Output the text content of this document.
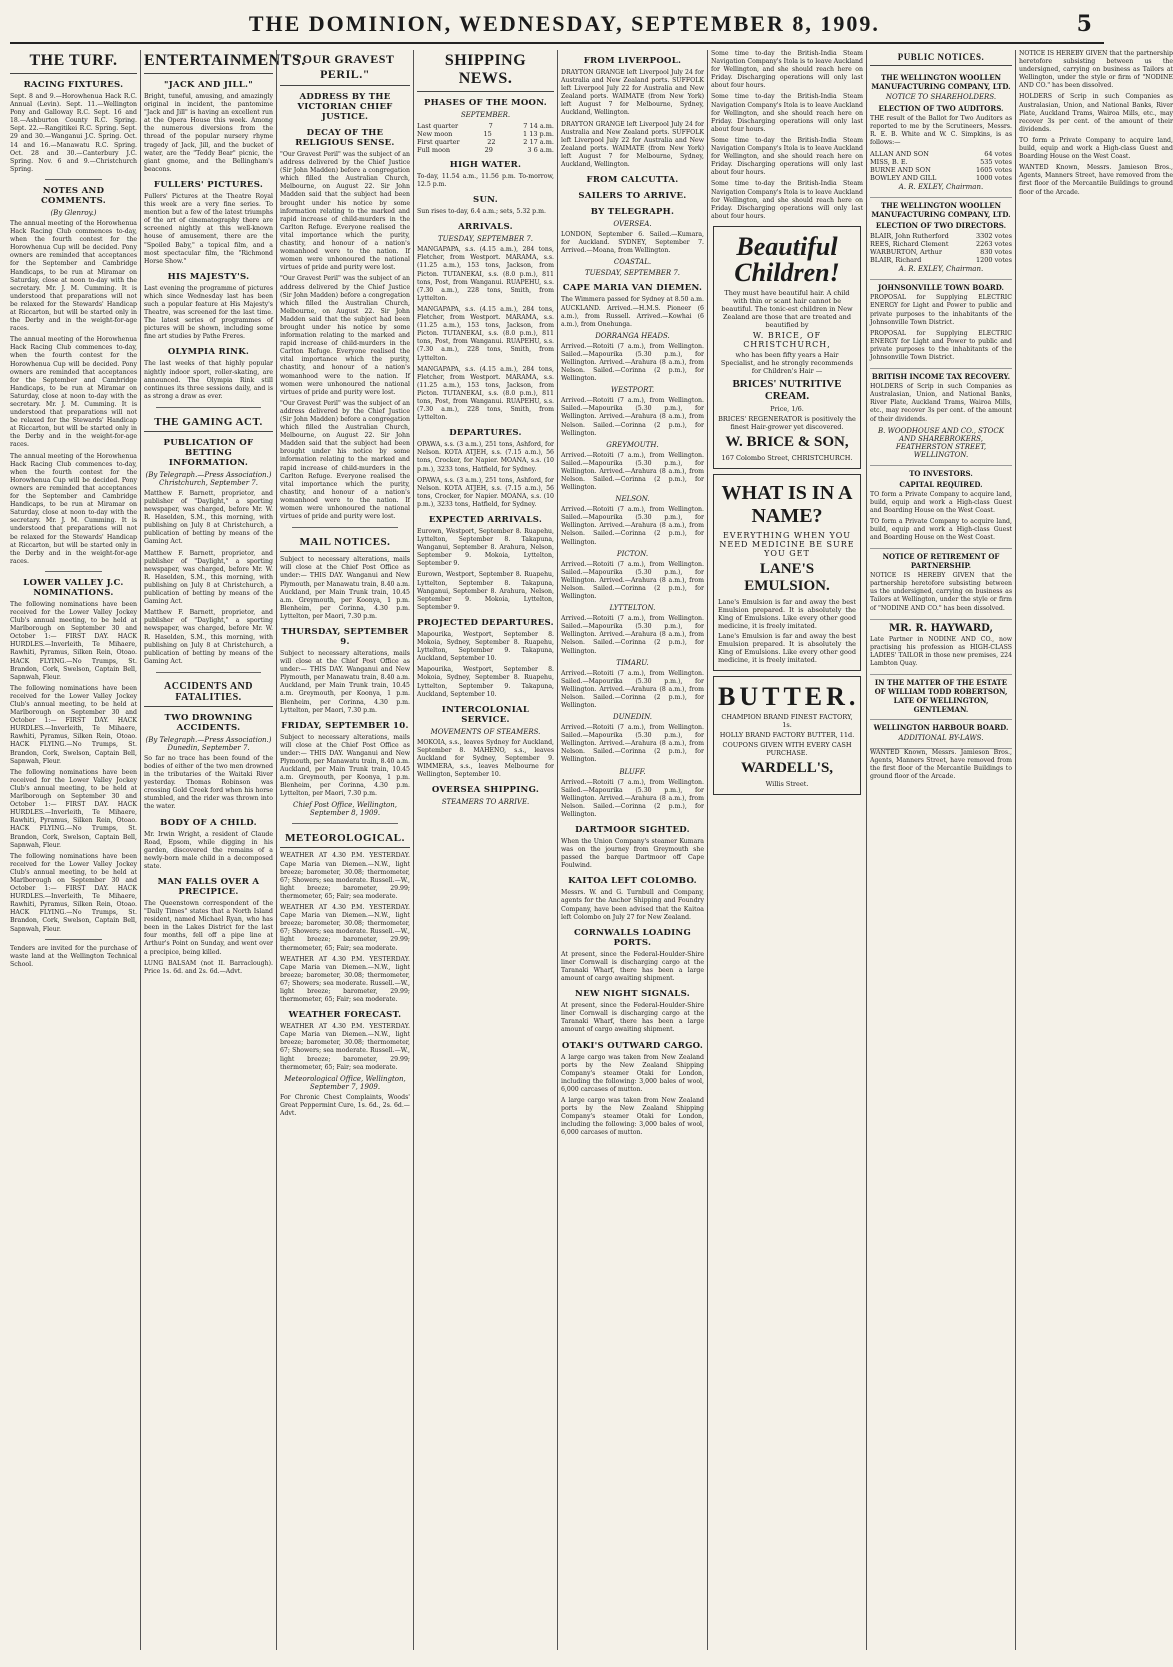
THE DOMINION, WEDNESDAY, SEPTEMBER 8, 1909.	5
THE TURF.
RACING FIXTURES.
Sept. 8 and 9.—Horowhenua Hack R.C. Annual (Levin). Sept. 11.—Wellington Pony and Galloway R.C. Sept. 16 and 18.—Ashburton County R.C. Spring. Sept. 22.—Rangitikei R.C. Spring. Sept. 29 and 30.—Wanganui J.C. Spring. Oct. 14 and 16.—Manawatu R.C. Spring. Oct. 28 and 30.—Canterbury J.C. Spring. Nov. 6 and 9.—Christchurch Spring.
NOTES AND COMMENTS.
(By Glenroy.)
The annual meeting of the Horowhenua Hack Racing Club commences to-day, when the fourth contest for the Horowhenua Cup will be decided. Pony owners are reminded that acceptances for the September and Cambridge Handicaps, to be run at Miramar on Saturday, close at noon to-day with the secretary. Mr. J. M. Cumming. It is understood that preparations will not be relaxed for the Stewards' Handicap at Riccarton, but will be started only in the Derby and in the weight-for-age races.
The annual meeting of the Horowhenua Hack Racing Club commences to-day, when the fourth contest for the Horowhenua Cup will be decided. Pony owners are reminded that acceptances for the September and Cambridge Handicaps, to be run at Miramar on Saturday, close at noon to-day with the secretary. Mr. J. M. Cumming. It is understood that preparations will not be relaxed for the Stewards' Handicap at Riccarton, but will be started only in the Derby and in the weight-for-age races.
The annual meeting of the Horowhenua Hack Racing Club commences to-day, when the fourth contest for the Horowhenua Cup will be decided. Pony owners are reminded that acceptances for the September and Cambridge Handicaps, to be run at Miramar on Saturday, close at noon to-day with the secretary. Mr. J. M. Cumming. It is understood that preparations will not be relaxed for the Stewards' Handicap at Riccarton, but will be started only in the Derby and in the weight-for-age races.
LOWER VALLEY J.C. NOMINATIONS.
The following nominations have been received for the Lower Valley Jockey Club's annual meeting, to be held at Marlborough on September 30 and October 1:— FIRST DAY. HACK HURDLES.—Inverleith, Te Mihaere, Rawhiti, Pyramus, Silken Rein, Otoao. HACK FLYING.—No Trumps, St. Brandon, Cork, Swelson, Captain Bell, Sapnwah, Fleur.
The following nominations have been received for the Lower Valley Jockey Club's annual meeting, to be held at Marlborough on September 30 and October 1:— FIRST DAY. HACK HURDLES.—Inverleith, Te Mihaere, Rawhiti, Pyramus, Silken Rein, Otoao. HACK FLYING.—No Trumps, St. Brandon, Cork, Swelson, Captain Bell, Sapnwah, Fleur.
The following nominations have been received for the Lower Valley Jockey Club's annual meeting, to be held at Marlborough on September 30 and October 1:— FIRST DAY. HACK HURDLES.—Inverleith, Te Mihaere, Rawhiti, Pyramus, Silken Rein, Otoao. HACK FLYING.—No Trumps, St. Brandon, Cork, Swelson, Captain Bell, Sapnwah, Fleur.
The following nominations have been received for the Lower Valley Jockey Club's annual meeting, to be held at Marlborough on September 30 and October 1:— FIRST DAY. HACK HURDLES.—Inverleith, Te Mihaere, Rawhiti, Pyramus, Silken Rein, Otoao. HACK FLYING.—No Trumps, St. Brandon, Cork, Swelson, Captain Bell, Sapnwah, Fleur.
Tenders are invited for the purchase of waste land at the Wellington Technical School.
ENTERTAINMENTS.
"JACK AND JILL."
Bright, tuneful, amusing, and amazingly original in incident, the pantomime "Jack and Jill" is having an excellent run at the Opera House this week. Among the numerous diversions from the thread of the popular nursery rhyme tragedy of Jack, Jill, and the bucket of water, are the "Teddy Bear" picnic, the giant gnome, and the Bellingham's beacons.
FULLERS' PICTURES.
Fullers' Pictures at the Theatre Royal this week are a very fine series. To mention but a few of the latest triumphs of the art of cinematography there are screened nightly at this well-known house of amusement, there are the "Spoiled Baby," a topical film, and a most spectacular film, the "Richmond Horse Show."
HIS MAJESTY'S.
Last evening the programme of pictures which since Wednesday last has been such a popular feature at His Majesty's Theatre, was screened for the last time. The latest series of programmes of pictures will be shown, including some fine art studies by Pathe Freres.
OLYMPIA RINK.
The last weeks of that highly popular nightly indoor sport, roller-skating, are announced. The Olympia Rink still continues its three sessions daily, and is as strong a draw as ever.
THE GAMING ACT.
PUBLICATION OF BETTING INFORMATION.
(By Telegraph.—Press Association.) Christchurch, September 7.
Matthew F. Barnett, proprietor, and publisher of "Daylight," a sporting newspaper, was charged, before Mr. W. R. Haselden, S.M., this morning, with publishing on July 8 at Christchurch, a publication of betting by means of the Gaming Act.
Matthew F. Barnett, proprietor, and publisher of "Daylight," a sporting newspaper, was charged, before Mr. W. R. Haselden, S.M., this morning, with publishing on July 8 at Christchurch, a publication of betting by means of the Gaming Act.
Matthew F. Barnett, proprietor, and publisher of "Daylight," a sporting newspaper, was charged, before Mr. W. R. Haselden, S.M., this morning, with publishing on July 8 at Christchurch, a publication of betting by means of the Gaming Act.
ACCIDENTS AND FATALITIES.
TWO DROWNING ACCIDENTS.
(By Telegraph.—Press Association.) Dunedin, September 7.
So far no trace has been found of the bodies of either of the two men drowned in the tributaries of the Waitaki River yesterday. Thomas Robinson was crossing Gold Creek ford when his horse stumbled, and the rider was thrown into the water.
BODY OF A CHILD.
Mr. Irwin Wright, a resident of Claude Road, Epsom, while digging in his garden, discovered the remains of a newly-born male child in a decomposed state.
MAN FALLS OVER A PRECIPICE.
The Queenstown correspondent of the "Daily Times" states that a North Island resident, named Michael Ryan, who has been in the Lakes District for the last four months, fell off a pipe line at Arthur's Point on Sunday, and went over a precipice, being killed.
LUNG BALSAM (not II. Barraclough). Price 1s. 6d. and 2s. 6d.—Advt.
"OUR GRAVEST PERIL."
ADDRESS BY THE VICTORIAN CHIEF JUSTICE.
DECAY OF THE RELIGIOUS SENSE.
"Our Gravest Peril" was the subject of an address delivered by the Chief Justice (Sir John Madden) before a congregation which filled the Australian Church, Melbourne, on August 22. Sir John Madden said that the subject had been brought under his notice by some information relating to the marked and rapid increase of child-murders in the Carlton Refuge. Everyone realised the vital importance which the purity, chastity, and honour of a nation's womanhood were to the nation. If women were unhonoured the national virtues of pride and purity were lost.
"Our Gravest Peril" was the subject of an address delivered by the Chief Justice (Sir John Madden) before a congregation which filled the Australian Church, Melbourne, on August 22. Sir John Madden said that the subject had been brought under his notice by some information relating to the marked and rapid increase of child-murders in the Carlton Refuge. Everyone realised the vital importance which the purity, chastity, and honour of a nation's womanhood were to the nation. If women were unhonoured the national virtues of pride and purity were lost.
"Our Gravest Peril" was the subject of an address delivered by the Chief Justice (Sir John Madden) before a congregation which filled the Australian Church, Melbourne, on August 22. Sir John Madden said that the subject had been brought under his notice by some information relating to the marked and rapid increase of child-murders in the Carlton Refuge. Everyone realised the vital importance which the purity, chastity, and honour of a nation's womanhood were to the nation. If women were unhonoured the national virtues of pride and purity were lost.
MAIL NOTICES.
Subject to necessary alterations, mails will close at the Chief Post Office as under:— THIS DAY. Wanganui and New Plymouth, per Manawatu train, 8.40 a.m. Auckland, per Main Trunk train, 10.45 a.m. Greymouth, per Koonya, 1 p.m. Blenheim, per Corinna, 4.30 p.m. Lyttelton, per Maori, 7.30 p.m.
THURSDAY, SEPTEMBER 9.
Subject to necessary alterations, mails will close at the Chief Post Office as under:— THIS DAY. Wanganui and New Plymouth, per Manawatu train, 8.40 a.m. Auckland, per Main Trunk train, 10.45 a.m. Greymouth, per Koonya, 1 p.m. Blenheim, per Corinna, 4.30 p.m. Lyttelton, per Maori, 7.30 p.m.
FRIDAY, SEPTEMBER 10.
Subject to necessary alterations, mails will close at the Chief Post Office as under:— THIS DAY. Wanganui and New Plymouth, per Manawatu train, 8.40 a.m. Auckland, per Main Trunk train, 10.45 a.m. Greymouth, per Koonya, 1 p.m. Blenheim, per Corinna, 4.30 p.m. Lyttelton, per Maori, 7.30 p.m.
Chief Post Office, Wellington, September 8, 1909.
METEOROLOGICAL.
WEATHER AT 4.30 P.M. YESTERDAY. Cape Maria van Diemen.—N.W., light breeze; barometer, 30.08; thermometer, 67; Showers; sea moderate. Russell.—W., light breeze; barometer, 29.99; thermometer, 65; Fair; sea moderate.
WEATHER AT 4.30 P.M. YESTERDAY. Cape Maria van Diemen.—N.W., light breeze; barometer, 30.08; thermometer, 67; Showers; sea moderate. Russell.—W., light breeze; barometer, 29.99; thermometer, 65; Fair; sea moderate.
WEATHER AT 4.30 P.M. YESTERDAY. Cape Maria van Diemen.—N.W., light breeze; barometer, 30.08; thermometer, 67; Showers; sea moderate. Russell.—W., light breeze; barometer, 29.99; thermometer, 65; Fair; sea moderate.
WEATHER FORECAST.
WEATHER AT 4.30 P.M. YESTERDAY. Cape Maria van Diemen.—N.W., light breeze; barometer, 30.08; thermometer, 67; Showers; sea moderate. Russell.—W., light breeze; barometer, 29.99; thermometer, 65; Fair; sea moderate.
Meteorological Office, Wellington, September 7, 1909.
For Chronic Chest Complaints, Woods' Great Peppermint Cure, 1s. 6d., 2s. 6d.—Advt.
SHIPPING NEWS.
PHASES OF THE MOON.
SEPTEMBER.
Last quarter	7	7 14 a.m.
New moon	15	1 13 p.m.
First quarter	22	2 17 a.m.
Full moon	29	3 6 a.m.
HIGH WATER.
To-day, 11.54 a.m., 11.56 p.m. To-morrow, 12.5 p.m.
SUN.
Sun rises to-day, 6.4 a.m.; sets, 5.32 p.m.
ARRIVALS.
TUESDAY, SEPTEMBER 7.
MANGAPAPA, s.s. (4.15 a.m.), 284 tons, Fletcher, from Westport. MARAMA, s.s. (11.25 a.m.), 153 tons, Jackson, from Picton. TUTANEKAI, s.s. (8.0 p.m.), 811 tons, Post, from Wanganui. RUAPEHU, s.s. (7.30 a.m.), 228 tons, Smith, from Lyttelton.
MANGAPAPA, s.s. (4.15 a.m.), 284 tons, Fletcher, from Westport. MARAMA, s.s. (11.25 a.m.), 153 tons, Jackson, from Picton. TUTANEKAI, s.s. (8.0 p.m.), 811 tons, Post, from Wanganui. RUAPEHU, s.s. (7.30 a.m.), 228 tons, Smith, from Lyttelton.
MANGAPAPA, s.s. (4.15 a.m.), 284 tons, Fletcher, from Westport. MARAMA, s.s. (11.25 a.m.), 153 tons, Jackson, from Picton. TUTANEKAI, s.s. (8.0 p.m.), 811 tons, Post, from Wanganui. RUAPEHU, s.s. (7.30 a.m.), 228 tons, Smith, from Lyttelton.
DEPARTURES.
OPAWA, s.s. (3 a.m.), 251 tons, Ashford, for Nelson. KOTA ATJEH, s.s. (7.15 a.m.), 56 tons, Crocker, for Napier. MOANA, s.s. (10 p.m.), 3233 tons, Hatfield, for Sydney.
OPAWA, s.s. (3 a.m.), 251 tons, Ashford, for Nelson. KOTA ATJEH, s.s. (7.15 a.m.), 56 tons, Crocker, for Napier. MOANA, s.s. (10 p.m.), 3233 tons, Hatfield, for Sydney.
EXPECTED ARRIVALS.
Eurown, Westport, September 8. Ruapehu, Lyttelton, September 8. Takapuna, Wanganui, September 8. Arahura, Nelson, September 9. Mokoia, Lyttelton, September 9.
Eurown, Westport, September 8. Ruapehu, Lyttelton, September 8. Takapuna, Wanganui, September 8. Arahura, Nelson, September 9. Mokoia, Lyttelton, September 9.
PROJECTED DEPARTURES.
Mapourika, Westport, September 8. Mokoia, Sydney, September 8. Ruapehu, Lyttelton, September 9. Takapuna, Auckland, September 10.
Mapourika, Westport, September 8. Mokoia, Sydney, September 8. Ruapehu, Lyttelton, September 9. Takapuna, Auckland, September 10.
INTERCOLONIAL SERVICE.
MOVEMENTS OF STEAMERS.
MOKOIA, s.s., leaves Sydney for Auckland, September 8. MAHENO, s.s., leaves Auckland for Sydney, September 9. WIMMERA, s.s., leaves Melbourne for Wellington, September 10.
OVERSEA SHIPPING.
STEAMERS TO ARRIVE.
FROM LIVERPOOL.
DRAYTON GRANGE left Liverpool July 24 for Australia and New Zealand ports. SUFFOLK left Liverpool July 22 for Australia and New Zealand ports. WAIMATE (from New York) left August 7 for Melbourne, Sydney, Auckland, Wellington.
DRAYTON GRANGE left Liverpool July 24 for Australia and New Zealand ports. SUFFOLK left Liverpool July 22 for Australia and New Zealand ports. WAIMATE (from New York) left August 7 for Melbourne, Sydney, Auckland, Wellington.
FROM CALCUTTA.
SAILERS TO ARRIVE.
BY TELEGRAPH.
OVERSEA.
LONDON, September 6. Sailed.—Kumara, for Auckland. SYDNEY, September 7. Arrived.—Moana, from Wellington.
COASTAL.
TUESDAY, SEPTEMBER 7.
CAPE MARIA VAN DIEMEN.
The Wimmera passed for Sydney at 8.50 a.m. AUCKLAND. Arrived.—H.M.S. Pioneer (6 a.m.), from Russell. Arrived.—Kowhai (6 a.m.), from Onehunga.
DORRANGA HEADS.
Arrived.—Rotoiti (7 a.m.), from Wellington. Sailed.—Mapourika (5.30 p.m.), for Wellington. Arrived.—Arahura (8 a.m.), from Nelson. Sailed.—Corinna (2 p.m.), for Wellington.
WESTPORT.
Arrived.—Rotoiti (7 a.m.), from Wellington. Sailed.—Mapourika (5.30 p.m.), for Wellington. Arrived.—Arahura (8 a.m.), from Nelson. Sailed.—Corinna (2 p.m.), for Wellington.
GREYMOUTH.
Arrived.—Rotoiti (7 a.m.), from Wellington. Sailed.—Mapourika (5.30 p.m.), for Wellington. Arrived.—Arahura (8 a.m.), from Nelson. Sailed.—Corinna (2 p.m.), for Wellington.
NELSON.
Arrived.—Rotoiti (7 a.m.), from Wellington. Sailed.—Mapourika (5.30 p.m.), for Wellington. Arrived.—Arahura (8 a.m.), from Nelson. Sailed.—Corinna (2 p.m.), for Wellington.
PICTON.
Arrived.—Rotoiti (7 a.m.), from Wellington. Sailed.—Mapourika (5.30 p.m.), for Wellington. Arrived.—Arahura (8 a.m.), from Nelson. Sailed.—Corinna (2 p.m.), for Wellington.
LYTTELTON.
Arrived.—Rotoiti (7 a.m.), from Wellington. Sailed.—Mapourika (5.30 p.m.), for Wellington. Arrived.—Arahura (8 a.m.), from Nelson. Sailed.—Corinna (2 p.m.), for Wellington.
TIMARU.
Arrived.—Rotoiti (7 a.m.), from Wellington. Sailed.—Mapourika (5.30 p.m.), for Wellington. Arrived.—Arahura (8 a.m.), from Nelson. Sailed.—Corinna (2 p.m.), for Wellington.
DUNEDIN.
Arrived.—Rotoiti (7 a.m.), from Wellington. Sailed.—Mapourika (5.30 p.m.), for Wellington. Arrived.—Arahura (8 a.m.), from Nelson. Sailed.—Corinna (2 p.m.), for Wellington.
BLUFF.
Arrived.—Rotoiti (7 a.m.), from Wellington. Sailed.—Mapourika (5.30 p.m.), for Wellington. Arrived.—Arahura (8 a.m.), from Nelson. Sailed.—Corinna (2 p.m.), for Wellington.
DARTMOOR SIGHTED.
When the Union Company's steamer Kumara was on the journey from Greymouth she passed the barque Dartmoor off Cape Foulwind.
KAITOA LEFT COLOMBO.
Messrs. W. and G. Turnbull and Company, agents for the Anchor Shipping and Foundry Company, have been advised that the Kaitoa left Colombo on July 27 for New Zealand.
CORNWALLS LOADING PORTS.
At present, since the Federal-Houlder-Shire liner Cornwall is discharging cargo at the Taranaki Wharf, there has been a large amount of cargo awaiting shipment.
NEW NIGHT SIGNALS.
At present, since the Federal-Houlder-Shire liner Cornwall is discharging cargo at the Taranaki Wharf, there has been a large amount of cargo awaiting shipment.
OTAKI'S OUTWARD CARGO.
A large cargo was taken from New Zealand ports by the New Zealand Shipping Company's steamer Otaki for London, including the following: 3,000 bales of wool, 6,000 carcases of mutton.
A large cargo was taken from New Zealand ports by the New Zealand Shipping Company's steamer Otaki for London, including the following: 3,000 bales of wool, 6,000 carcases of mutton.
Some time to-day the British-India Steam Navigation Company's Itola is to leave Auckland for Wellington, and she should reach here on Friday. Discharging operations will only last about four hours.
Some time to-day the British-India Steam Navigation Company's Itola is to leave Auckland for Wellington, and she should reach here on Friday. Discharging operations will only last about four hours.
Some time to-day the British-India Steam Navigation Company's Itola is to leave Auckland for Wellington, and she should reach here on Friday. Discharging operations will only last about four hours.
Some time to-day the British-India Steam Navigation Company's Itola is to leave Auckland for Wellington, and she should reach here on Friday. Discharging operations will only last about four hours.
Beautiful Children!
They must have beautiful hair. A child with thin or scant hair cannot be beautiful. The tonic-est children in New Zealand are those that are treated and beautified by
W. BRICE, OF CHRISTCHURCH,
who has been fifty years a Hair Specialist, and he strongly recommends for Children's Hair —
BRICES' NUTRITIVE CREAM.
Price, 1/6.
BRICES' REGENERATOR is positively the finest Hair-grower yet discovered.
W. BRICE & SON,
167 Colombo Street, CHRISTCHURCH.
WHAT IS IN A NAME?
EVERYTHING WHEN YOU NEED MEDICINE BE SURE YOU GET
LANE'S EMULSION.
Lane's Emulsion is far and away the best Emulsion prepared. It is absolutely the King of Emulsions. Like every other good medicine, it is freely imitated.
Lane's Emulsion is far and away the best Emulsion prepared. It is absolutely the King of Emulsions. Like every other good medicine, it is freely imitated.
BUTTER.
CHAMPION BRAND FINEST FACTORY, 1s.
HOLLY BRAND FACTORY BUTTER, 11d.
COUPONS GIVEN WITH EVERY CASH PURCHASE.
WARDELL'S,
Willis Street.
PUBLIC NOTICES.
THE WELLINGTON WOOLLEN MANUFACTURING COMPANY, LTD.
NOTICE TO SHAREHOLDERS.
ELECTION OF TWO AUDITORS.
THE result of the Ballot for Two Auditors as reported to me by the Scrutineers, Messrs. R. E. B. White and W. C. Simpkins, is as follows:—
ALLAN AND SON	64 votes
MISS, B. E.	535 votes
BURNE AND SON	1605 votes
BOWLEY AND GILL	1000 votes
A. R. EXLEY, Chairman.
THE WELLINGTON WOOLLEN MANUFACTURING COMPANY, LTD.
ELECTION OF TWO DIRECTORS.
BLAIR, John Rutherford	3302 votes
REES, Richard Clement	2263 votes
WARBURTON, Arthur	830 votes
BLAIR, Richard	1200 votes
A. R. EXLEY, Chairman.
JOHNSONVILLE TOWN BOARD.
PROPOSAL for Supplying ELECTRIC ENERGY for Light and Power to public and private purposes to the inhabitants of the Johnsonville Town District.
PROPOSAL for Supplying ELECTRIC ENERGY for Light and Power to public and private purposes to the inhabitants of the Johnsonville Town District.
BRITISH INCOME TAX RECOVERY.
HOLDERS of Scrip in such Companies as Australasian, Union, and National Banks, River Plate, Auckland Trams, Wairoa Mills, etc., may recover 3s per cent. of the amount of their dividends.
B. WOODHOUSE AND CO., STOCK AND SHAREBROKERS, FEATHERSTON STREET, WELLINGTON.
TO INVESTORS.
CAPITAL REQUIRED.
TO form a Private Company to acquire land, build, equip and work a High-class Guest and Boarding House on the West Coast.
TO form a Private Company to acquire land, build, equip and work a High-class Guest and Boarding House on the West Coast.
NOTICE OF RETIREMENT OF PARTNERSHIP.
NOTICE IS HEREBY GIVEN that the partnership heretofore subsisting between us the undersigned, carrying on business as Tailors at Wellington, under the style or firm of "NODINE AND CO." has been dissolved.
MR. R. HAYWARD,
Late Partner in NODINE AND CO., now practising his profession as HIGH-CLASS LADIES' TAILOR in those new premises, 224 Lambton Quay.
IN THE MATTER OF THE ESTATE OF WILLIAM TODD ROBERTSON, LATE OF WELLINGTON, GENTLEMAN.
WELLINGTON HARBOUR BOARD.
ADDITIONAL BY-LAWS.
WANTED Known, Messrs. Jamieson Bros., Agents, Manners Street, have removed from the first floor of the Mercantile Buildings to ground floor of the Arcade.
NOTICE IS HEREBY GIVEN that the partnership heretofore subsisting between us the undersigned, carrying on business as Tailors at Wellington, under the style or firm of "NODINE AND CO." has been dissolved.
HOLDERS of Scrip in such Companies as Australasian, Union, and National Banks, River Plate, Auckland Trams, Wairoa Mills, etc., may recover 3s per cent. of the amount of their dividends.
TO form a Private Company to acquire land, build, equip and work a High-class Guest and Boarding House on the West Coast.
WANTED Known, Messrs. Jamieson Bros., Agents, Manners Street, have removed from the first floor of the Mercantile Buildings to ground floor of the Arcade.
